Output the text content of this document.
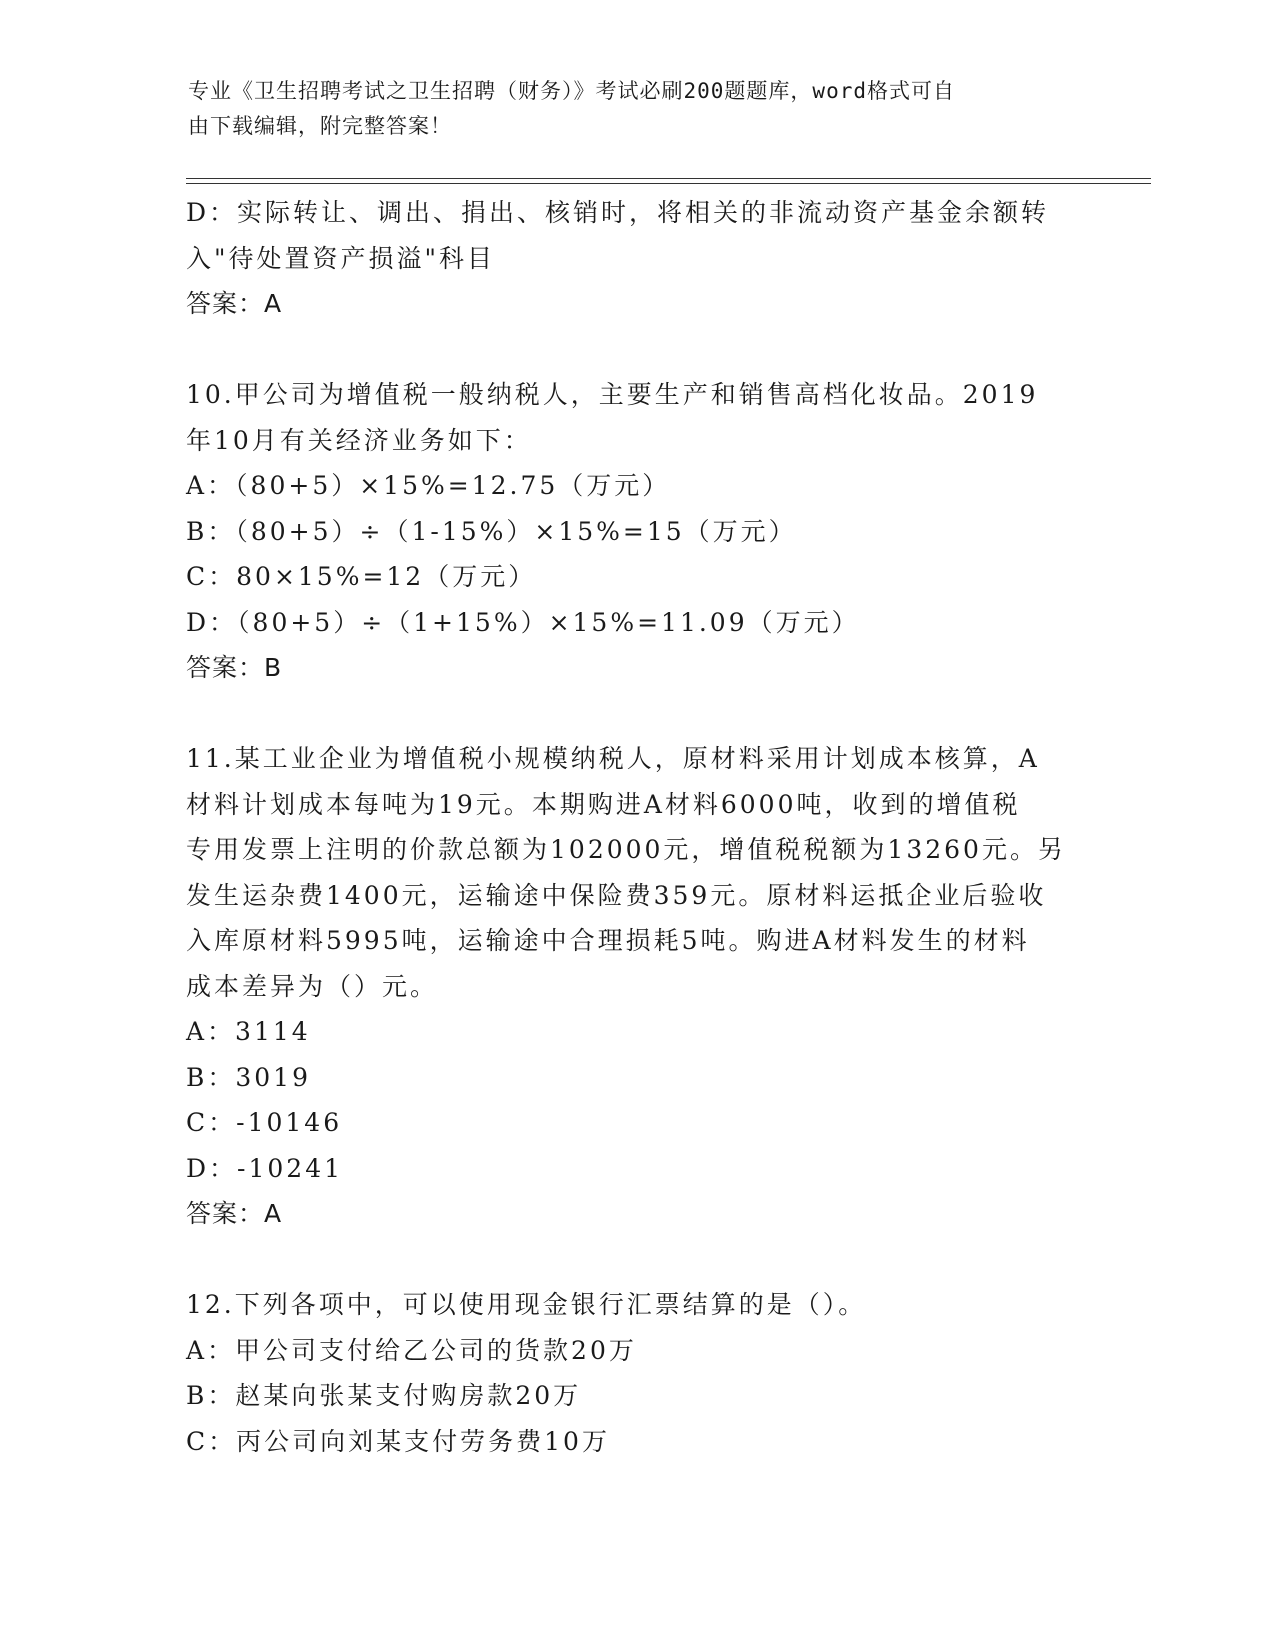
专业《卫生招聘考试之卫生招聘（财务）》考试必刷200题题库，word格式可自
由下载编辑，附完整答案！
D：实际转让、调出、捐出、核销时，将相关的非流动资产基金余额转
入"待处置资产损溢"科目
答案：A
10.甲公司为增值税一般纳税人，主要生产和销售高档化妆品。2019
年10月有关经济业务如下：
A：（80+5）×15%=12.75（万元）
B：（80+5）÷（1-15%）×15%=15（万元）
C：80×15%=12（万元）
D：（80+5）÷（1+15%）×15%=11.09（万元）
答案：B
11.某工业企业为增值税小规模纳税人，原材料采用计划成本核算，A
材料计划成本每吨为19元。本期购进A材料6000吨，收到的增值税
专用发票上注明的价款总额为102000元，增值税税额为13260元。另
发生运杂费1400元，运输途中保险费359元。原材料运抵企业后验收
入库原材料5995吨，运输途中合理损耗5吨。购进A材料发生的材料
成本差异为（）元。
A：3114
B：3019
C：-10146
D：-10241
答案：A
12.下列各项中，可以使用现金银行汇票结算的是（）。
A：甲公司支付给乙公司的货款20万
B：赵某向张某支付购房款20万
C：丙公司向刘某支付劳务费10万
